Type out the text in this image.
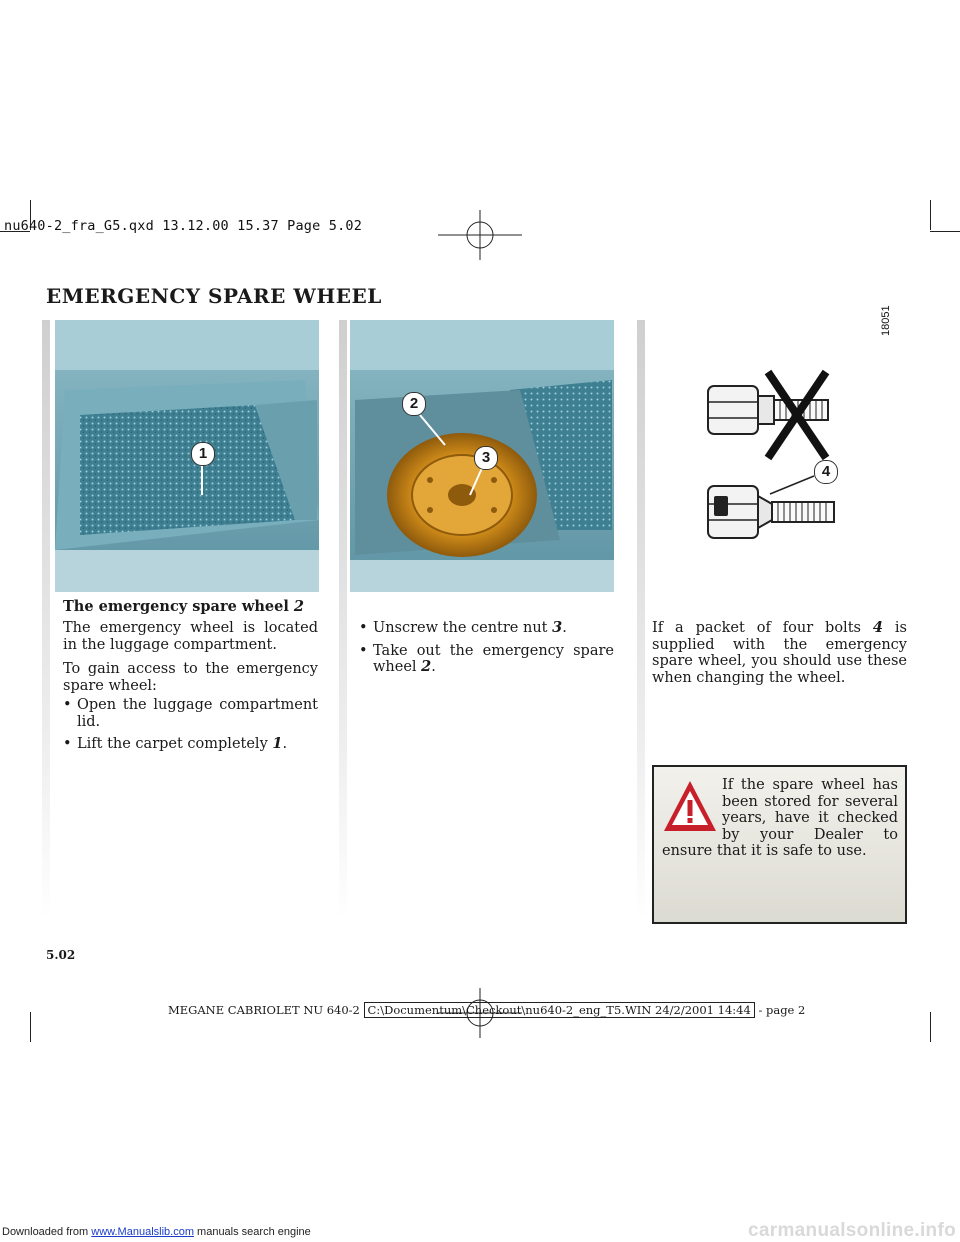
Downloaded from www.Manualslib.com manuals search engine
nu640-2_fra_G5.qxd 13.12.00 15.37 Page 5.02
EMERGENCY SPARE WHEEL
1
2
3
4
18051
The emergency spare wheel 2

The emergency wheel is located in the luggage compartment.

To gain access to the emergency spare wheel:

• Open the luggage compartment lid.
• Lift the carpet completely 1.
• Unscrew the centre nut 3.
• Take out the emergency spare wheel 2.
If a packet of four bolts 4 is supplied with the emergency spare wheel, you should use these when changing the wheel.
If the spare wheel has been stored for several years, have it checked by your Dealer to ensure that it is safe to use.
5.02
MEGANE CABRIOLET NU 640-2 C:\Documentum\Checkout\nu640-2_eng_T5.WIN 24/2/2001 14:44 - page 2
carmanualsonline.info
